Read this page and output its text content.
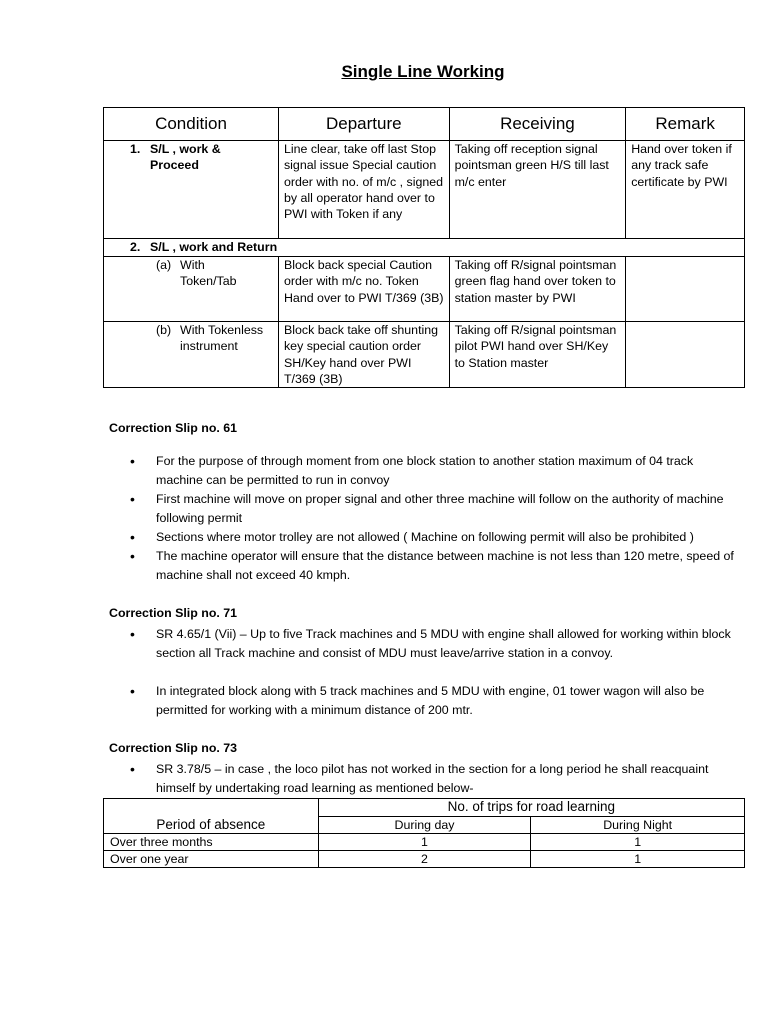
Single Line Working
Condition	Departure	Receiving	Remark

1. S/L , work & Proceed	Line clear, take off last Stop signal issue Special caution order with no. of m/c , signed by all operator hand over to PWI with Token if any	Taking off reception signal pointsman green H/S till last m/c enter	Hand over token if any track safe certificate by PWI

2. S/L , work and Return			

(a) With Token/Tab	Block back special Caution order with m/c no. Token Hand over to PWI T/369 (3B)	Taking off R/signal pointsman green flag hand over token to station master by PWI	

(b) With Tokenless instrument	Block back take off shunting key special caution order SH/Key hand over PWI T/369 (3B)	Taking off R/signal pointsman pilot PWI hand over SH/Key to Station master	
Correction Slip no. 61
• For the purpose of through moment from one block station to another station maximum of 04 track machine can be permitted to run in convoy
• First machine will move on proper signal and other three machine will follow on the authority of machine following permit
• Sections where motor trolley are not allowed ( Machine on following permit will also be prohibited )
• The machine operator will ensure that the distance between machine is not less than 120 metre, speed of machine shall not exceed 40 kmph.
Correction Slip no. 71
• SR 4.65/1 (Vii) – Up to five Track machines and 5 MDU with engine shall allowed for working within block section all Track machine and consist of MDU must leave/arrive station in a convoy.
• In integrated block along with 5 track machines and 5 MDU with engine, 01 tower wagon will also be permitted for working with a minimum distance of 200 mtr.
Correction Slip no. 73
• SR 3.78/5 – in case , the loco pilot has not worked in the section for a long period he shall reacquaint himself by undertaking road learning as mentioned below-
Period of absence	No. of trips for road learning	
	During day	During Night
Over three months	1	1
Over one year	2	1
